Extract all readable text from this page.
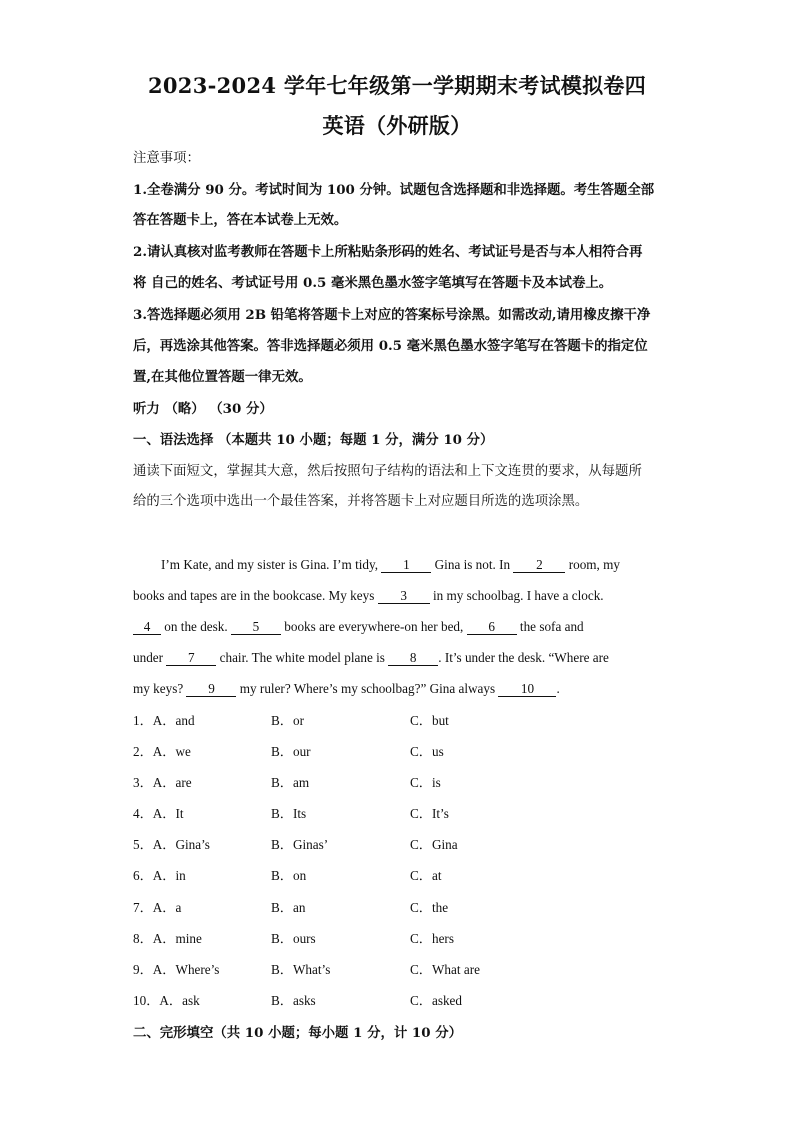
2023-2024 学年七年级第一学期期末考试模拟卷四
英语（外研版）
注意事项：
1.全卷满分 90 分。考试时间为 100 分钟。试题包含选择题和非选择题。考生答题全部
答在答题卡上，答在本试卷上无效。
2.请认真核对监考教师在答题卡上所粘贴条形码的姓名、考试证号是否与本人相符合再
将 自己的姓名、考试证号用 0.5 毫米黑色墨水签字笔填写在答题卡及本试卷上。
3.答选择题必须用 2B 铅笔将答题卡上对应的答案标号涂黑。如需改动,请用橡皮擦干净
后，再选涂其他答案。答非选择题必须用 0.5 毫米黑色墨水签字笔写在答题卡的指定位
置,在其他位置答题一律无效。
听力 （略） （30 分）
一、语法选择 （本题共 10 小题；每题 1 分，满分 10 分）
通读下面短文，掌握其大意，然后按照句子结构的语法和上下文连贯的要求，从每题所
给的三个选项中选出一个最佳答案，并将答题卡上对应题目所选的选项涂黑。
I’m Kate, and my sister is Gina. I’m tidy, 1 Gina is not. In 2 room, my
books and tapes are in the bookcase. My keys 3 in my schoolbag. I have a clock.
4 on the desk. 5 books are everywhere-on her bed, 6 the sofa and
under 7 chair. The white model plane is 8 . It’s under the desk. “Where are
my keys? 9 my ruler? Where’s my schoolbag?” Gina always 10 .
1．A．and	B．or	C．but
2．A．we	B．our	C．us
3．A．are	B．am	C．is
4．A．It	B．Its	C．It’s
5．A．Gina’s	B．Ginas’	C．Gina
6．A．in	B．on	C．at
7．A．a	B．an	C．the
8．A．mine	B．ours	C．hers
9．A．Where’s	B．What’s	C．What are
10．A．ask	B．asks	C．asked
二、完形填空（共 10 小题；每小题 1 分，计 10 分）
